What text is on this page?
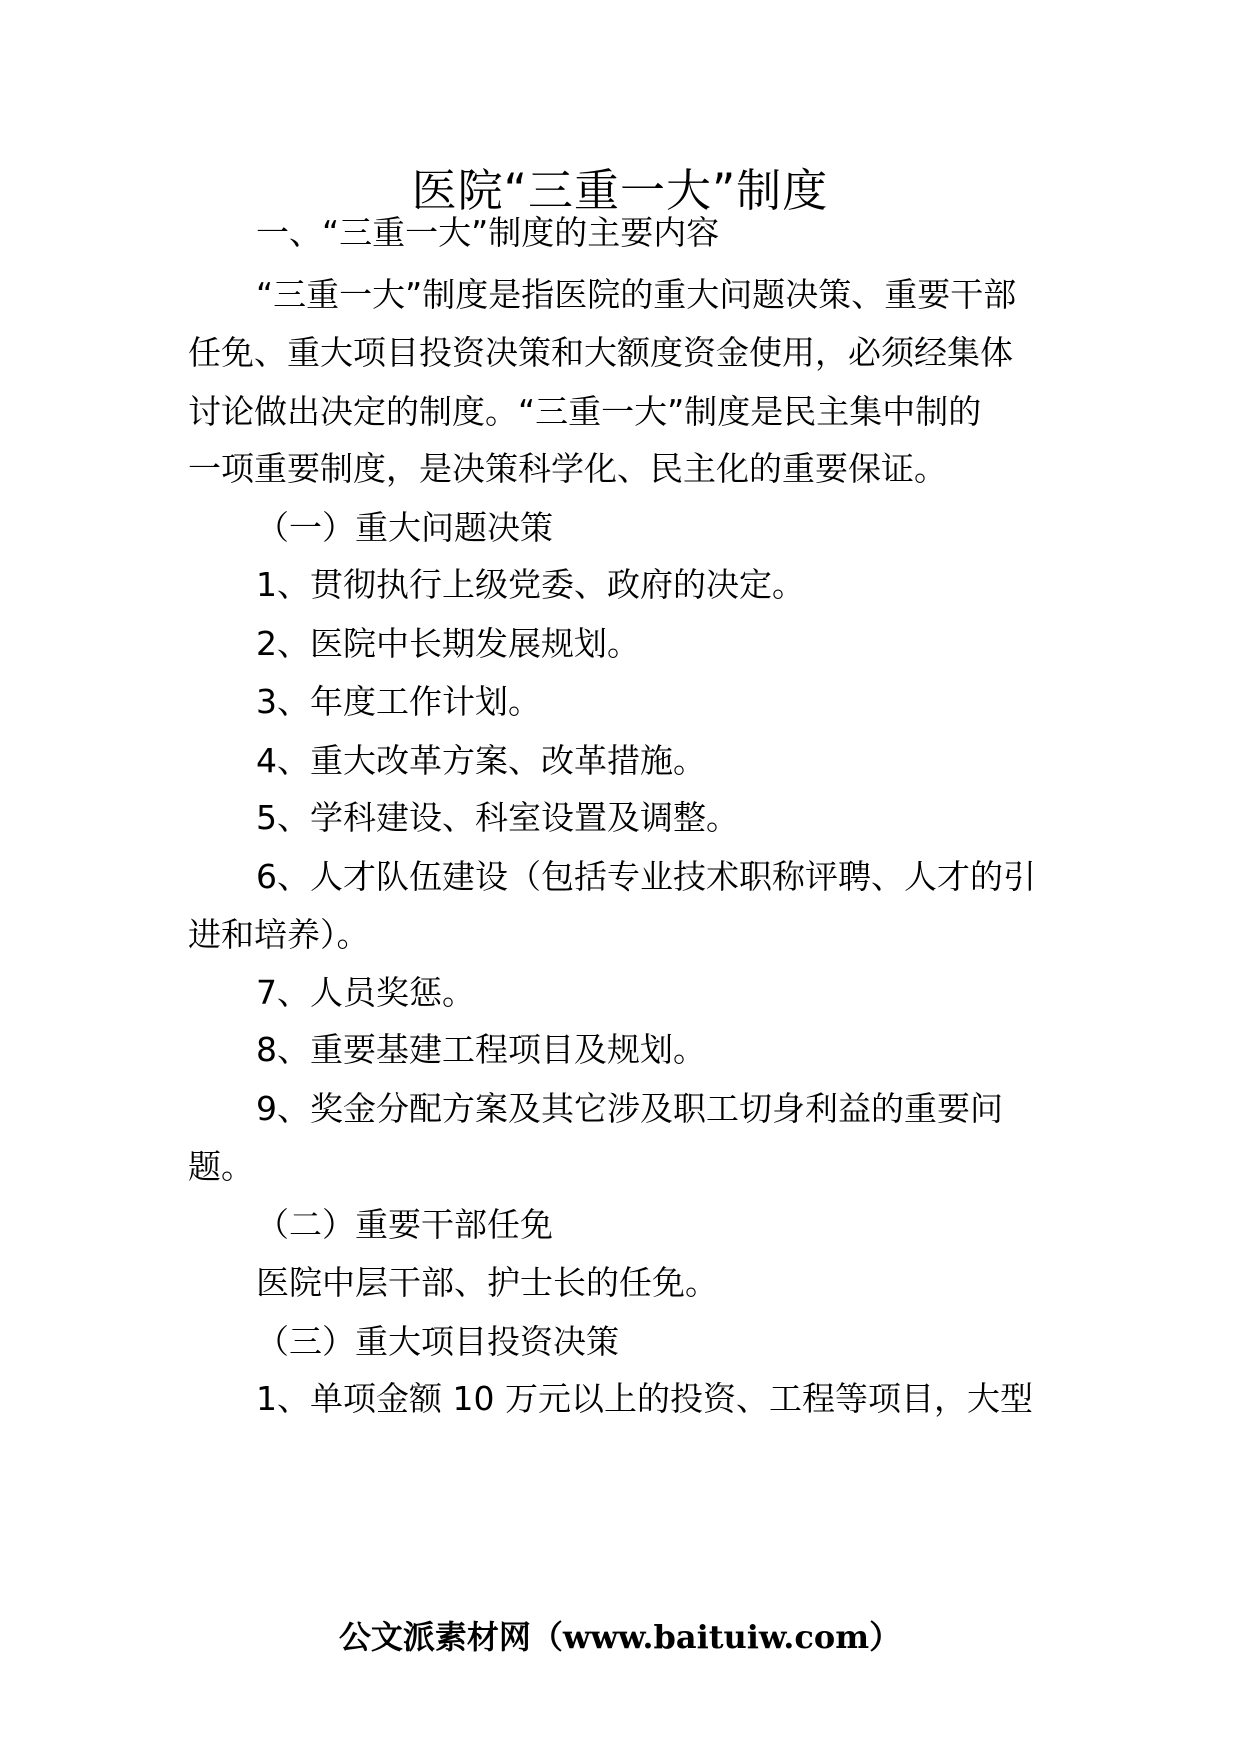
医院“三重一大”制度
一、“三重一大”制度的主要内容
“三重一大”制度是指医院的重大问题决策、重要干部
任免、重大项目投资决策和大额度资金使用，必须经集体
讨论做出决定的制度。“三重一大”制度是民主集中制的
一项重要制度，是决策科学化、民主化的重要保证。
（一）重大问题决策
1、贯彻执行上级党委、政府的决定。
2、医院中长期发展规划。
3、年度工作计划。
4、重大改革方案、改革措施。
5、学科建设、科室设置及调整。
6、人才队伍建设（包括专业技术职称评聘、人才的引
进和培养）。
7、人员奖惩。
8、重要基建工程项目及规划。
9、奖金分配方案及其它涉及职工切身利益的重要问
题。
（二）重要干部任免
医院中层干部、护士长的任免。
（三）重大项目投资决策
1、单项金额 10 万元以上的投资、工程等项目，大型
公文派素材网（www.baituiw.com）
